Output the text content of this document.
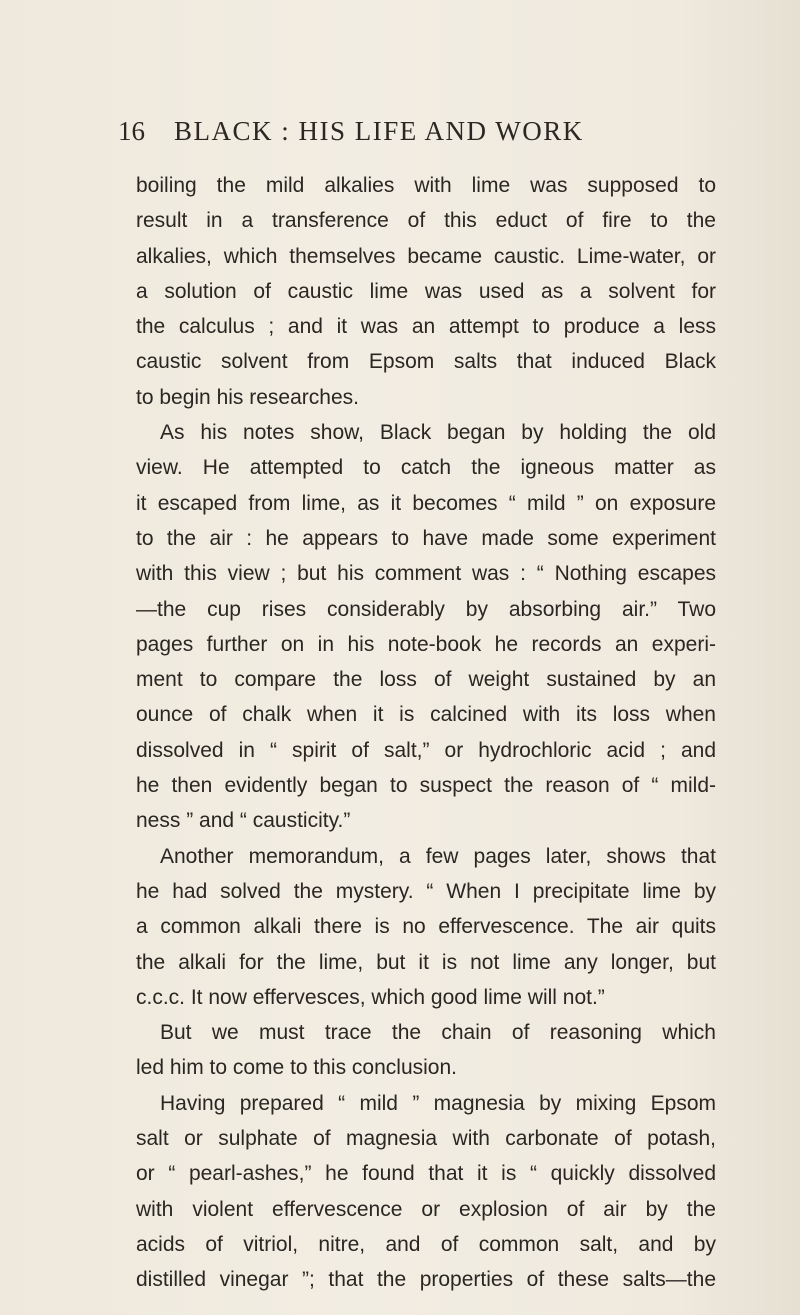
16 BLACK : HIS LIFE AND WORK
boiling the mild alkalies with lime was supposed to
result in a transference of this educt of fire to the
alkalies, which themselves became caustic. Lime-water, or
a solution of caustic lime was used as a solvent for
the calculus ; and it was an attempt to produce a less
caustic solvent from Epsom salts that induced Black
to begin his researches.
As his notes show, Black began by holding the old
view. He attempted to catch the igneous matter as
it escaped from lime, as it becomes “ mild ” on exposure
to the air : he appears to have made some experiment
with this view ; but his comment was : “ Nothing escapes
—the cup rises considerably by absorbing air.” Two
pages further on in his note-book he records an experi-
ment to compare the loss of weight sustained by an
ounce of chalk when it is calcined with its loss when
dissolved in “ spirit of salt,” or hydrochloric acid ; and
he then evidently began to suspect the reason of “ mild-
ness ” and “ causticity.”
Another memorandum, a few pages later, shows that
he had solved the mystery. “ When I precipitate lime by
a common alkali there is no effervescence. The air quits
the alkali for the lime, but it is not lime any longer, but
c.c.c. It now effervesces, which good lime will not.”
But we must trace the chain of reasoning which
led him to come to this conclusion.
Having prepared “ mild ” magnesia by mixing Epsom
salt or sulphate of magnesia with carbonate of potash,
or “ pearl-ashes,” he found that it is “ quickly dissolved
with violent effervescence or explosion of air by the
acids of vitriol, nitre, and of common salt, and by
distilled vinegar ”; that the properties of these salts—the
